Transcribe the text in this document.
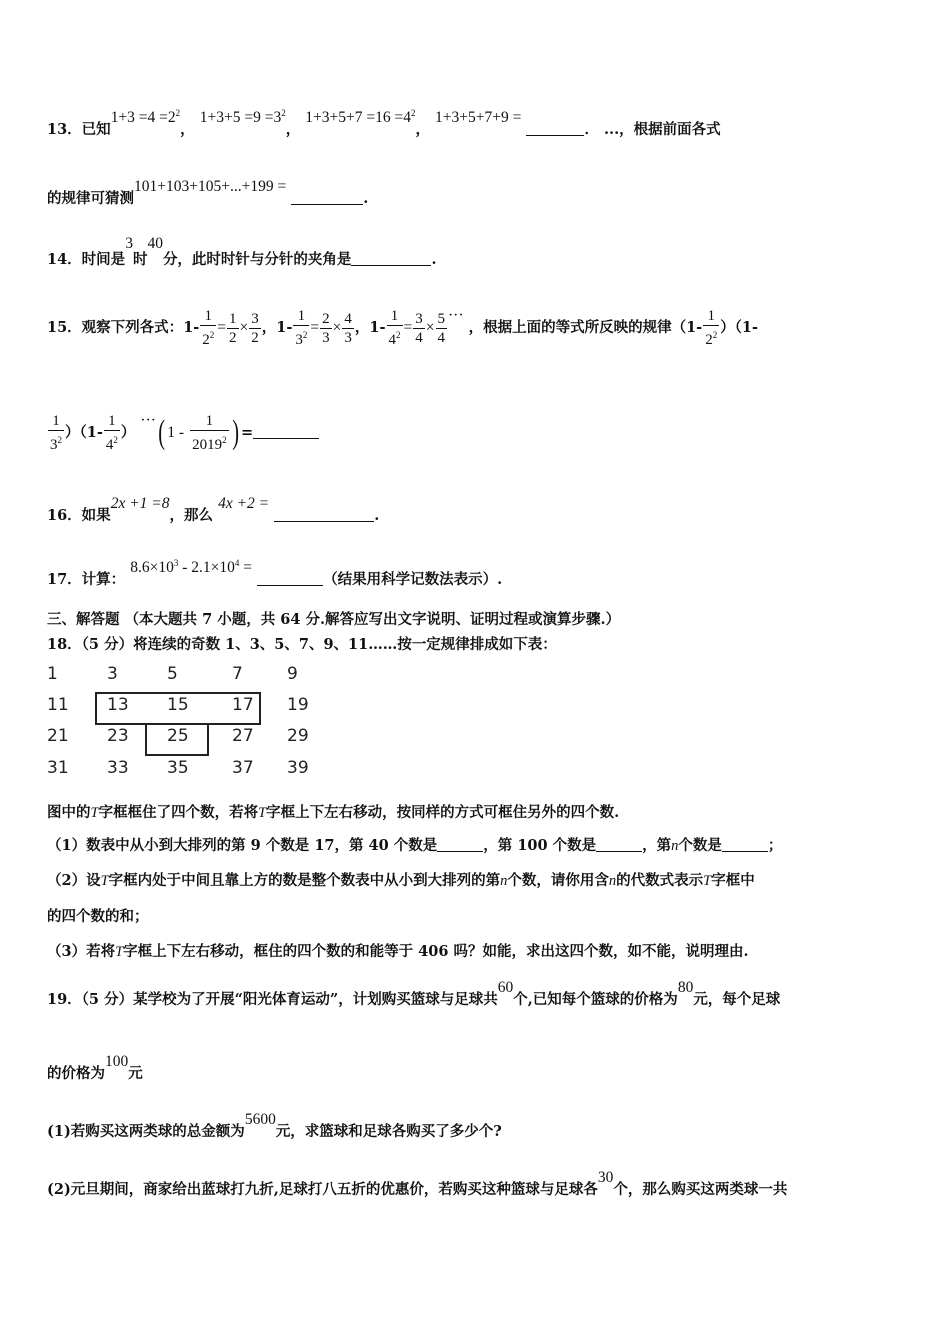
13．已知$1+3 =4 =2^2$， $1+3+5 =9 =3^2$， $1+3+5+7 =16 =4^2$， 1+3+5+7+9 = ． ...，根据前面各式
的规律可猜测101+103+105+...+199 = .
14．时间是3时40分，此时时针与分针的夹角是	.
15．观察下列各式：$1- \frac{1}{2^2} = \frac{1}{2} \times \frac{3}{2}$ ，$1- \frac{1}{3^2} = \frac{2}{3} \times \frac{4}{3}$ ，$1- \frac{1}{4^2} = \frac{3}{4} \times \frac{5}{4}$ ··· ，根据上面的等式所反映的规律$(1- \frac{1}{2^2} )(1-$
$\frac{1}{3^2} )(1- \frac{1}{4^2}$ ） ···( $1 - \frac{1}{2019^2}$ ) =
16．如果2x +1 =8，那么 4x +2 = .
17．计算： $8.6\times 10^3 - 2.1\times 10^4$ = （结果用科学记数法表示）.
三、解答题 （本大题共 7 小题，共 64 分.解答应写出文字说明、证明过程或演算步骤.）
18．（5 分）将连续的奇数 1、3、5、7、9、11……按一定规律排成如下表：
1	3	5	7	9
11	13	15	17	19
21	23	25	27	29
31	33	35	37	39
图中的T字框框住了四个数，若将T字框上下左右移动，按同样的方式可框住另外的四个数.
（1）数表中从小到大排列的第 9 个数是 17，第 40 个数是	，第 100 个数是	，第n个数是	；
（2）设T字框内处于中间且靠上方的数是整个数表中从小到大排列的第n个数，请你用含n的代数式表示T字框中
的四个数的和；
（3）若将T字框上下左右移动，框住的四个数的和能等于 406 吗？如能，求出这四个数，如不能，说明理由.
19．（5 分）某学校为了开展“阳光体育运动”，计划购买篮球与足球共60个,已知每个篮球的价格为80元，每个足球
的价格为100元
(1)若购买这两类球的总金额为5600元，求篮球和足球各购买了多少个?
(2)元旦期间，商家给出蓝球打九折,足球打八五折的优惠价，若购买这种篮球与足球各30个，那么购买这两类球一共
